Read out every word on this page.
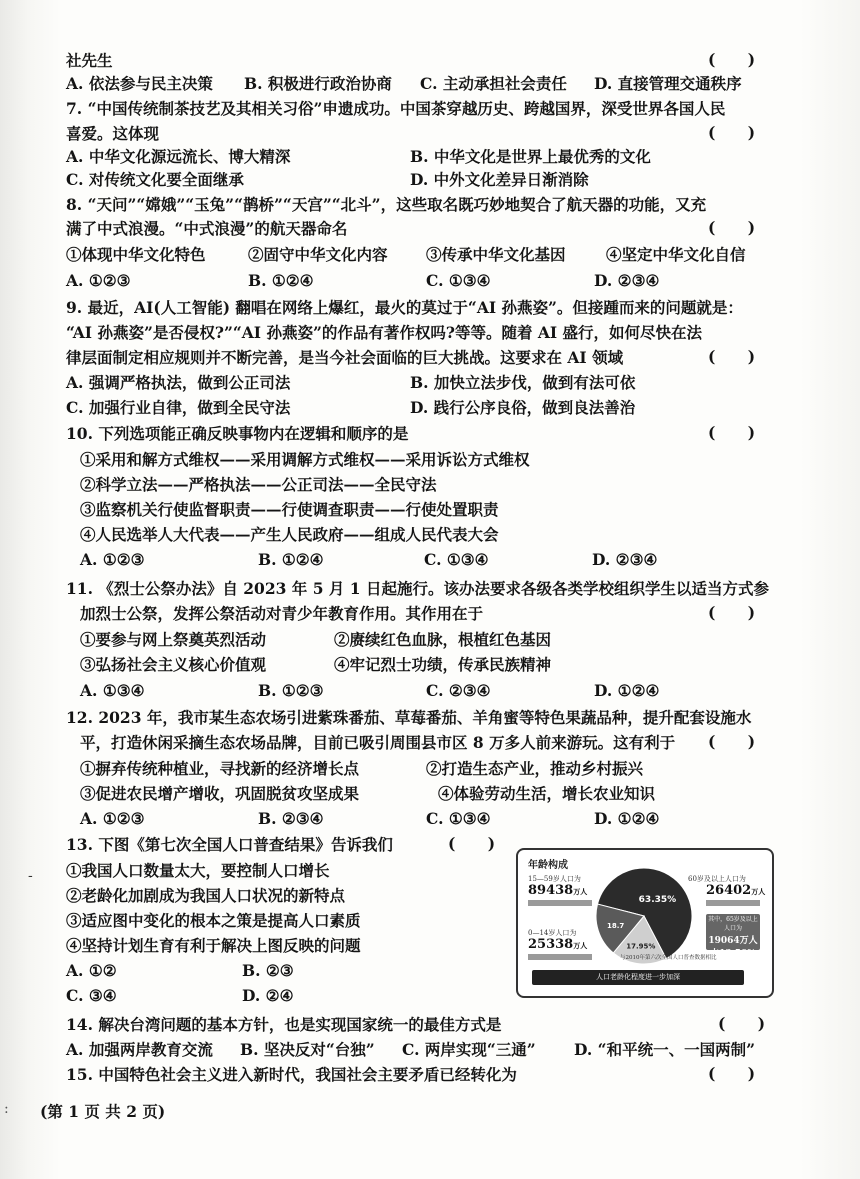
社先生	(      )
A. 依法参与民主决策 B. 积极进行政治协商 C. 主动承担社会责任 D. 直接管理交通秩序
7. “中国传统制茶技艺及其相关习俗”申遗成功。中国茶穿越历史、跨越国界，深受世界各国人民
喜爱。这体现	(      )
A. 中华文化源远流长、博大精深	B. 中华文化是世界上最优秀的文化
C. 对传统文化要全面继承	D. 中外文化差异日渐消除
8. “天问”“嫦娥”“玉兔”“鹊桥”“天宫”“北斗”，这些取名既巧妙地契合了航天器的功能，又充
满了中式浪漫。“中式浪漫”的航天器命名	(      )
①体现中华文化特色	②固守中华文化内容 ③传承中华文化基因	④坚定中华文化自信
A. ①②③	B. ①②④	C. ①③④	D. ②③④
9. 最近，AI(人工智能) 翻唱在网络上爆红，最火的莫过于“AI 孙燕姿”。但接踵而来的问题就是：
“AI 孙燕姿”是否侵权?”“AI 孙燕姿”的作品有著作权吗?等等。随着 AI 盛行，如何尽快在法
律层面制定相应规则并不断完善，是当今社会面临的巨大挑战。这要求在 AI 领域	(      )
A. 强调严格执法，做到公正司法	B. 加快立法步伐，做到有法可依
C. 加强行业自律，做到全民守法	D. 践行公序良俗，做到良法善治
10. 下列选项能正确反映事物内在逻辑和顺序的是	(      )
①采用和解方式维权——采用调解方式维权——采用诉讼方式维权
②科学立法——严格执法——公正司法——全民守法
③监察机关行使监督职责——行使调查职责——行使处置职责
④人民选举人大代表——产生人民政府——组成人民代表大会
A. ①②③	B. ①②④	C. ①③④	D. ②③④
11. 《烈士公祭办法》自 2023 年 5 月 1 日起施行。该办法要求各级各类学校组织学生以适当方式参
加烈士公祭，发挥公祭活动对青少年教育作用。其作用在于	(      )
①要参与网上祭奠英烈活动	②赓续红色血脉，根植红色基因
③弘扬社会主义核心价值观	④牢记烈士功绩，传承民族精神
A. ①③④	B. ①②③	C. ②③④	D. ①②④
12. 2023 年，我市某生态农场引进紫珠番茄、草莓番茄、羊角蜜等特色果蔬品种，提升配套设施水
平，打造休闲采摘生态农场品牌，目前已吸引周围县市区 8 万多人前来游玩。这有利于	(      )
①摒弃传统种植业，寻找新的经济增长点	②打造生态产业，推动乡村振兴
③促进农民增产增收，巩固脱贫攻坚成果	④体验劳动生活，增长农业知识
A. ①②③	B. ②③④	C. ①③④	D. ①②④
13. 下图《第七次全国人口普查结果》告诉我们	(      )
①我国人口数量太大，要控制人口增长
②老龄化加剧成为我国人口状况的新特点
③适应图中变化的根本之策是提高人口素质
④坚持计划生育有利于解决上图反映的问题
A. ①②	B. ②③
C. ③④	D. ②④
年龄构成
15—59岁人口为
89438万人
0—14岁人口为
25338万人
60岁及以上人口为
26402万人
其中，65岁及以上人口为
19064万人
占13.50%
63.35%
17.95%
18.7
与2010年第六次全国人口普查数据相比
人口老龄化程度进一步加深
14. 解决台湾问题的基本方针，也是实现国家统一的最佳方式是	(      )
A. 加强两岸教育交流 B. 坚决反对“台独” C. 两岸实现“三通” D. “和平统一、一国两制”
15. 中国特色社会主义进入新时代，我国社会主要矛盾已经转化为	(      )
-
: (第 1 页 共 2 页)
